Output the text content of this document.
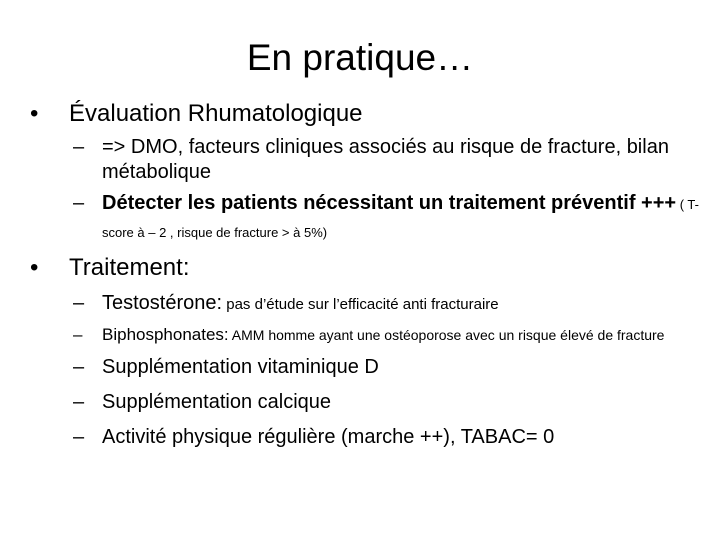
En pratique…
•	Évaluation Rhumatologique
– => DMO, facteurs cliniques associés au risque de fracture, bilan métabolique
– Détecter les patients nécessitant un traitement préventif +++ ( T-score à – 2 , risque de fracture > à 5%)
•	Traitement:
– Testostérone: pas d’étude sur l’efficacité anti fracturaire
– Biphosphonates: AMM homme ayant une ostéoporose avec un risque élevé de fracture
– Supplémentation vitaminique D
– Supplémentation calcique
– Activité physique régulière (marche ++), TABAC= 0
